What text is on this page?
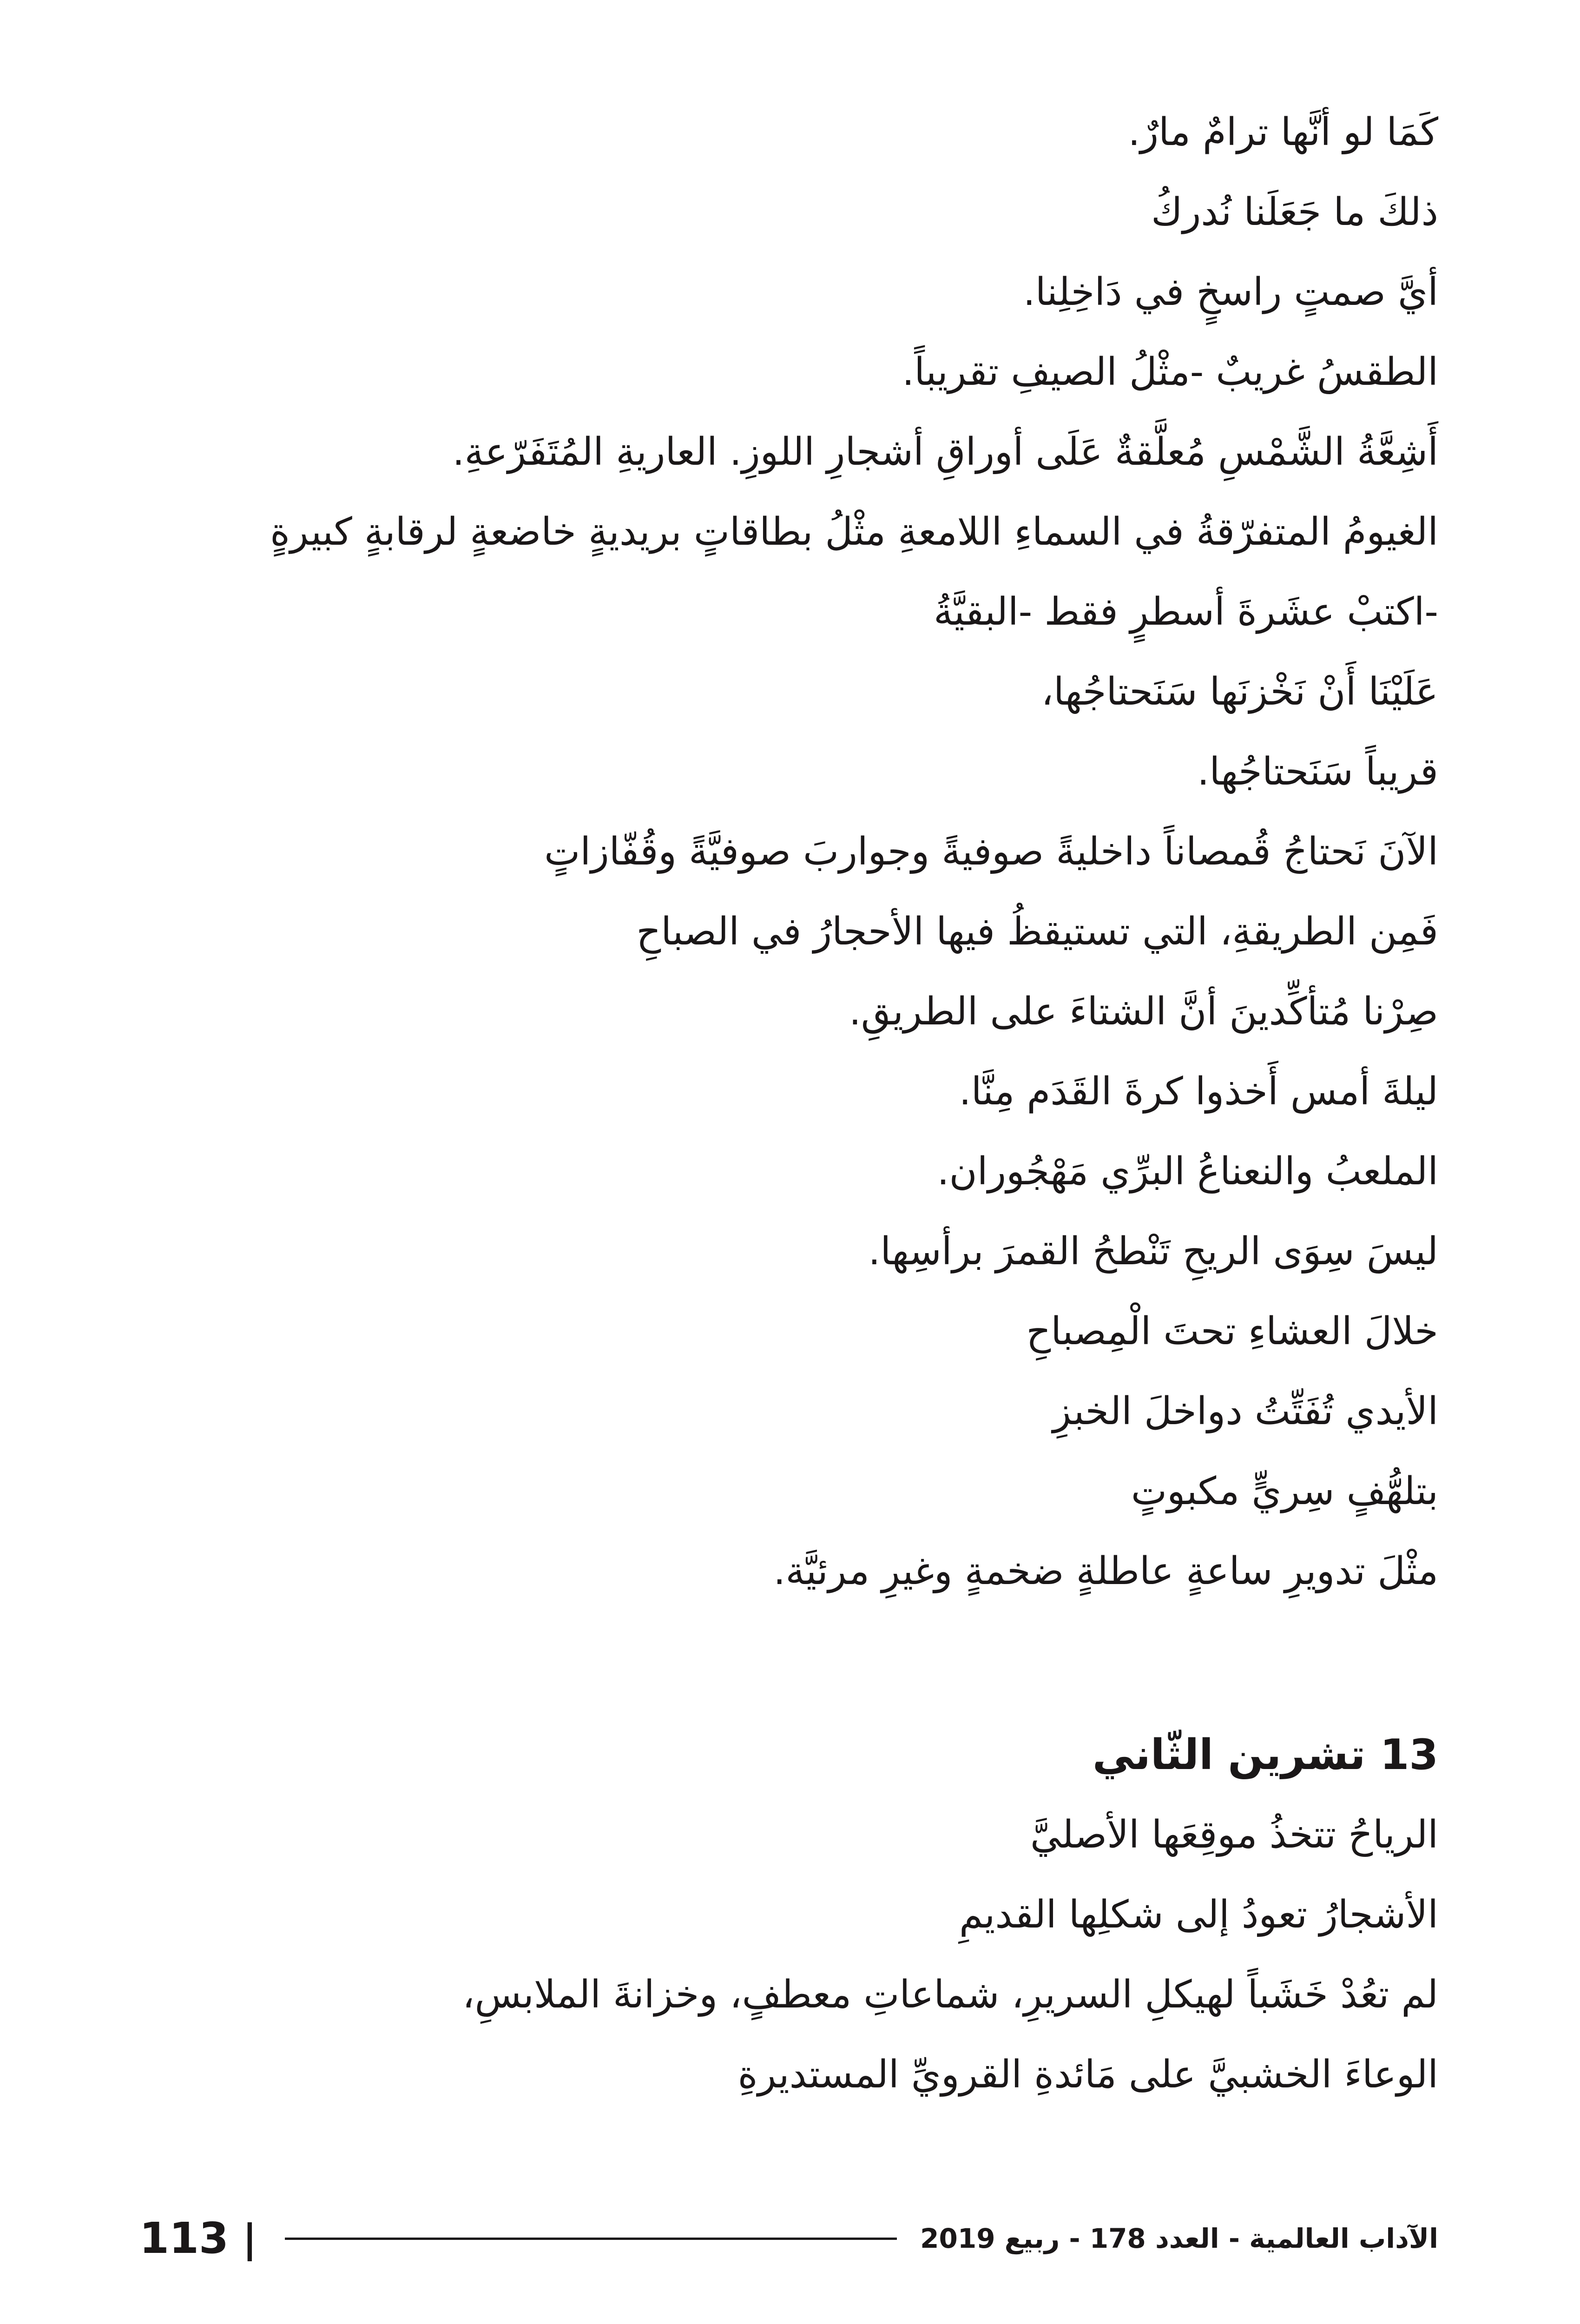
كَمَا لو أنَّها ترامٌ مارٌ.
ذلكَ ما جَعَلَنا نُدركُ
أيَّ صمتٍ راسخٍ في دَاخِلِنا.
الطقسُ غريبٌ -مثْلُ الصيفِ تقريباً.
أَشِعَّةُ الشَّمْسِ مُعلَّقةٌ عَلَى أوراقِ أشجارِ اللوزِ. العاريةِ المُتَفَرّعةِ.
الغيومُ المتفرّقةُ في السماءِ اللامعةِ مثْلُ بطاقاتٍ بريديةٍ خاضعةٍ لرقابةٍ كبيرةٍ
-اكتبْ عشَرةَ أسطرٍ فقط -البقيَّةُ
عَلَيْنَا أَنْ نَخْزنَها سَنَحتاجُها،
قريباً سَنَحتاجُها.
الآنَ نَحتاجُ قُمصاناً داخليةً صوفيةً وجواربَ صوفيَّةً وقُفّازاتٍ
فَمِن الطريقةِ، التي تستيقظُ فيها الأحجارُ في الصباحِ
صِرْنا مُتأكِّدينَ أنَّ الشتاءَ على الطريقِ.
ليلةَ أمس أَخذوا كرةَ القَدَم مِنَّا.
الملعبُ والنعناعُ البرِّي مَهْجُوران.
ليسَ سِوَى الريحِ تَنْطحُ القمرَ برأسِها.
خلالَ العشاءِ تحتَ الْمِصباحِ
الأيدي تُفَتِّتُ دواخلَ الخبزِ
بتلهُّفٍ سِريٍّ مكبوتٍ
مثْلَ تدويرِ ساعةٍ عاطلةٍ ضخمةٍ وغيرِ مرئيَّة.
13 تشرين الثّاني
الرياحُ تتخذُ موقِعَها الأصليَّ
الأشجارُ تعودُ إلى شكلِها القديمِ
لم تعُدْ خَشَباً لهيكلِ السريرِ، شماعاتِ معطفٍ، وخزانةَ الملابسِ،
الوعاءَ الخشبيَّ على مَائدةِ القرويِّ المستديرةِ
113 |	الآداب العالمية - العدد 178 - ربيع 2019
